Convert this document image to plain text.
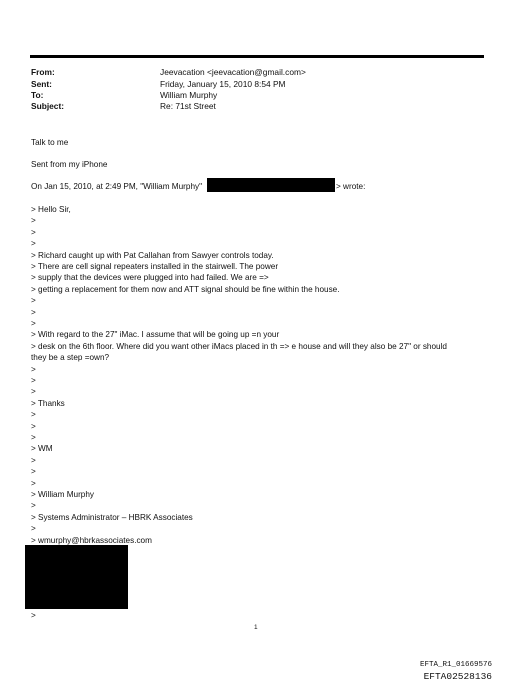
From:	Jeevacation <jeevacation@gmail.com>
Sent:	Friday, January 15, 2010 8:54 PM
To:	William Murphy
Subject:	Re: 71st Street
Talk to me
Sent from my iPhone
On Jan 15, 2010, at 2:49 PM, "William Murphy"	> wrote:
> Hello Sir,
>
>
>
> Richard caught up with Pat Callahan from Sawyer controls today.
> There are cell signal repeaters installed in the stairwell. The power
> supply that the devices were plugged into had failed. We are =>
> getting a replacement for them now and ATT signal should be fine within the house.
>
>
>
> With regard to the 27" iMac. I assume that will be going up =n your
> desk on the 6th floor. Where did you want other iMacs placed in th => e house and will they also be 27" or should
they be a step =own?
>
>
>
> Thanks
>
>
>
> WM
>
>
>
> William Murphy
>
> Systems Administrator – HBRK Associates
>
> wmurphy@hbrkassociates.com
>
1
EFTA_R1_01669576
EFTA02528136
